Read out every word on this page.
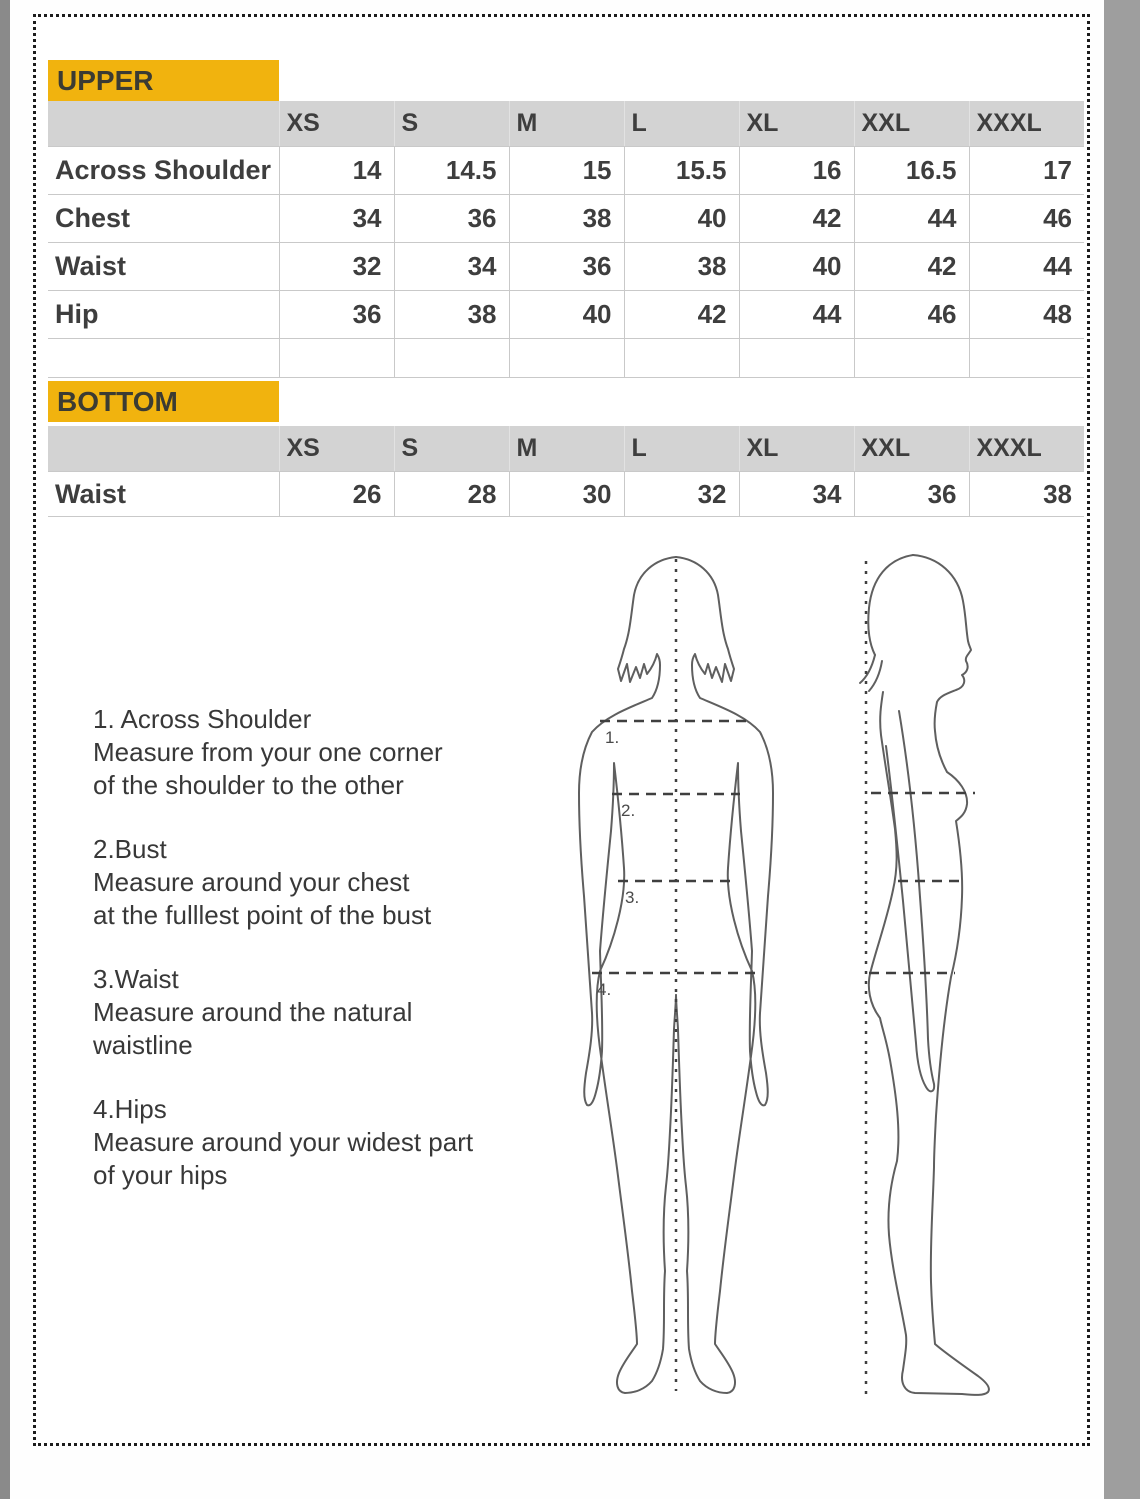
UPPER
	XS	S	M	L	XL	XXL	XXXL
Across Shoulder	14	14.5	15	15.5	16	16.5	17
Chest	34	36	38	40	42	44	46
Waist	32	34	36	38	40	42	44
Hip	36	38	40	42	44	46	48

BOTTOM
	XS	S	M	L	XL	XXL	XXXL
Waist	26	28	30	32	34	36	38
1. Across Shoulder
Measure from your one corner
of the shoulder to the other
2.Bust
Measure around your chest
at the fulllest point of the bust
3.Waist
Measure around the natural
waistline
4.Hips
Measure around your widest part
of your hips
1.
2.
3.
4.
